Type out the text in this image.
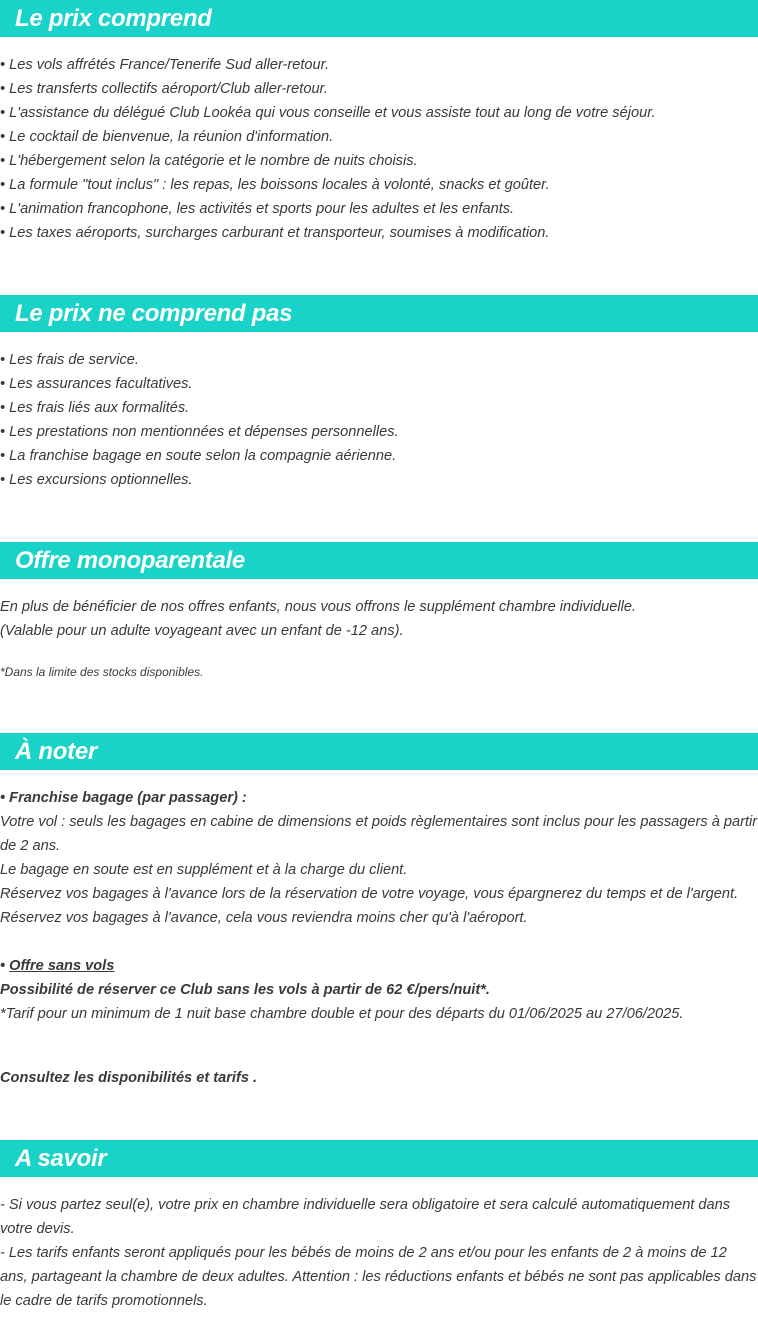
Le prix comprend
• Les vols affrétés France/Tenerife Sud aller-retour.
• Les transferts collectifs aéroport/Club aller-retour.
• L'assistance du délégué Club Lookéa qui vous conseille et vous assiste tout au long de votre séjour.
• Le cocktail de bienvenue, la réunion d'information.
• L'hébergement selon la catégorie et le nombre de nuits choisis.
• La formule "tout inclus" : les repas, les boissons locales à volonté, snacks et goûter.
• L'animation francophone, les activités et sports pour les adultes et les enfants.
• Les taxes aéroports, surcharges carburant et transporteur, soumises à modification.
Le prix ne comprend pas
• Les frais de service.
• Les assurances facultatives.
• Les frais liés aux formalités.
• Les prestations non mentionnées et dépenses personnelles.
• La franchise bagage en soute selon la compagnie aérienne.
• Les excursions optionnelles.
Offre monoparentale
En plus de bénéficier de nos offres enfants, nous vous offrons le supplément chambre individuelle.
(Valable pour un adulte voyageant avec un enfant de -12 ans).
*Dans la limite des stocks disponibles.
À noter
• Franchise bagage (par passager) :
Votre vol : seuls les bagages en cabine de dimensions et poids règlementaires sont inclus pour les passagers à partir de 2 ans.
Le bagage en soute est en supplément et à la charge du client.
Réservez vos bagages à l'avance lors de la réservation de votre voyage, vous épargnerez du temps et de l'argent.
Réservez vos bagages à l'avance, cela vous reviendra moins cher qu'à l'aéroport.
• Offre sans vols
Possibilité de réserver ce Club sans les vols à partir de 62 €/pers/nuit*.
*Tarif pour un minimum de 1 nuit base chambre double et pour des départs du 01/06/2025 au 27/06/2025.
Consultez les disponibilités et tarifs .
A savoir
- Si vous partez seul(e), votre prix en chambre individuelle sera obligatoire et sera calculé automatiquement dans votre devis.
- Les tarifs enfants seront appliqués pour les bébés de moins de 2 ans et/ou pour les enfants de 2 à moins de 12 ans, partageant la chambre de deux adultes. Attention : les réductions enfants et bébés ne sont pas applicables dans le cadre de tarifs promotionnels.
